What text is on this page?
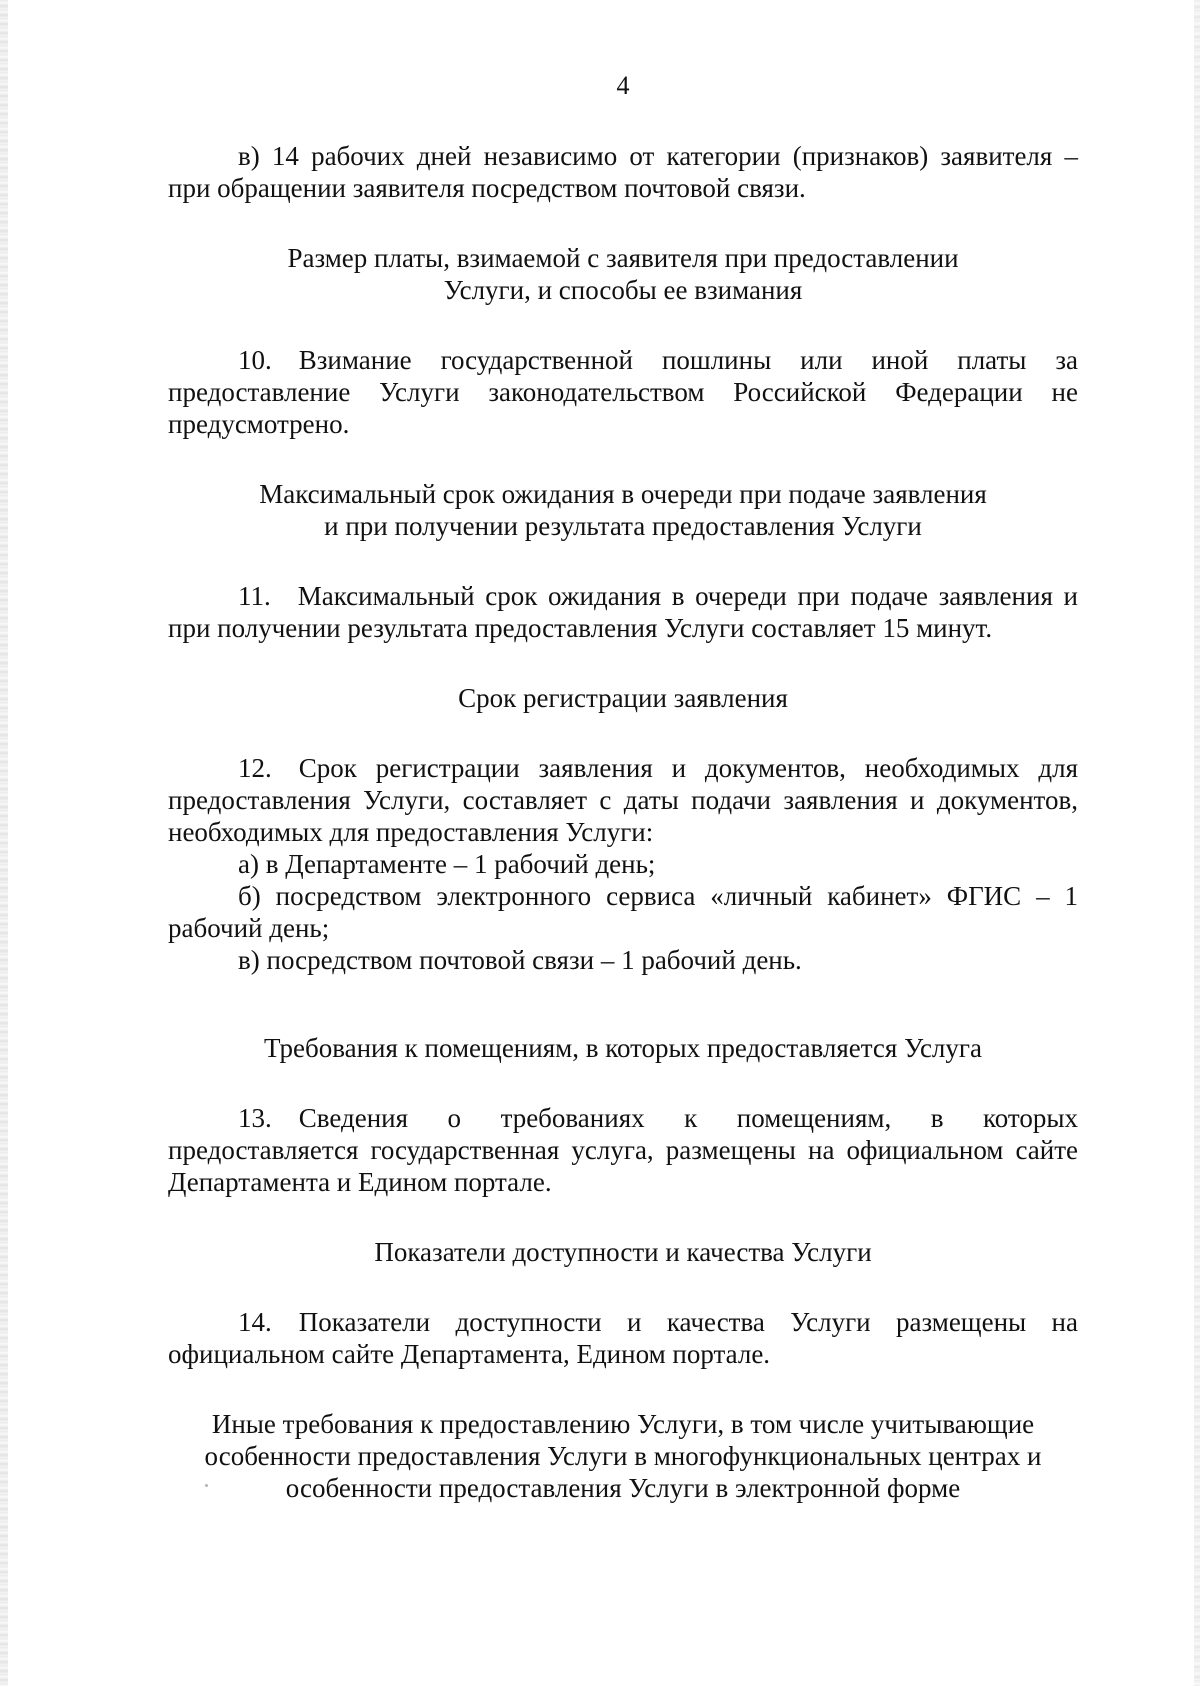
4

в) 14 рабочих дней независимо от категории (признаков) заявителя – при обращении заявителя посредством почтовой связи.

Размер платы, взимаемой с заявителя при предоставлении
Услуги, и способы ее взимания

10. Взимание государственной пошлины или иной платы за предоставление Услуги законодательством Российской Федерации не предусмотрено.

Максимальный срок ожидания в очереди при подаче заявления
и при получении результата предоставления Услуги

11. Максимальный срок ожидания в очереди при подаче заявления и при получении результата предоставления Услуги составляет 15 минут.

Срок регистрации заявления

12. Срок регистрации заявления и документов, необходимых для предоставления Услуги, составляет с даты подачи заявления и документов, необходимых для предоставления Услуги:

а) в Департаменте – 1 рабочий день;

б) посредством электронного сервиса «личный кабинет» ФГИС – 1 рабочий день;

в) посредством почтовой связи – 1 рабочий день.

Требования к помещениям, в которых предоставляется Услуга

13. Сведения о требованиях к помещениям, в которых предоставляется государственная услуга, размещены на официальном сайте Департамента и Едином портале.

Показатели доступности и качества Услуги

14. Показатели доступности и качества Услуги размещены на официальном сайте Департамента, Едином портале.

Иные требования к предоставлению Услуги, в том числе учитывающие
особенности предоставления Услуги в многофункциональных центрах и
особенности предоставления Услуги в электронной форме
